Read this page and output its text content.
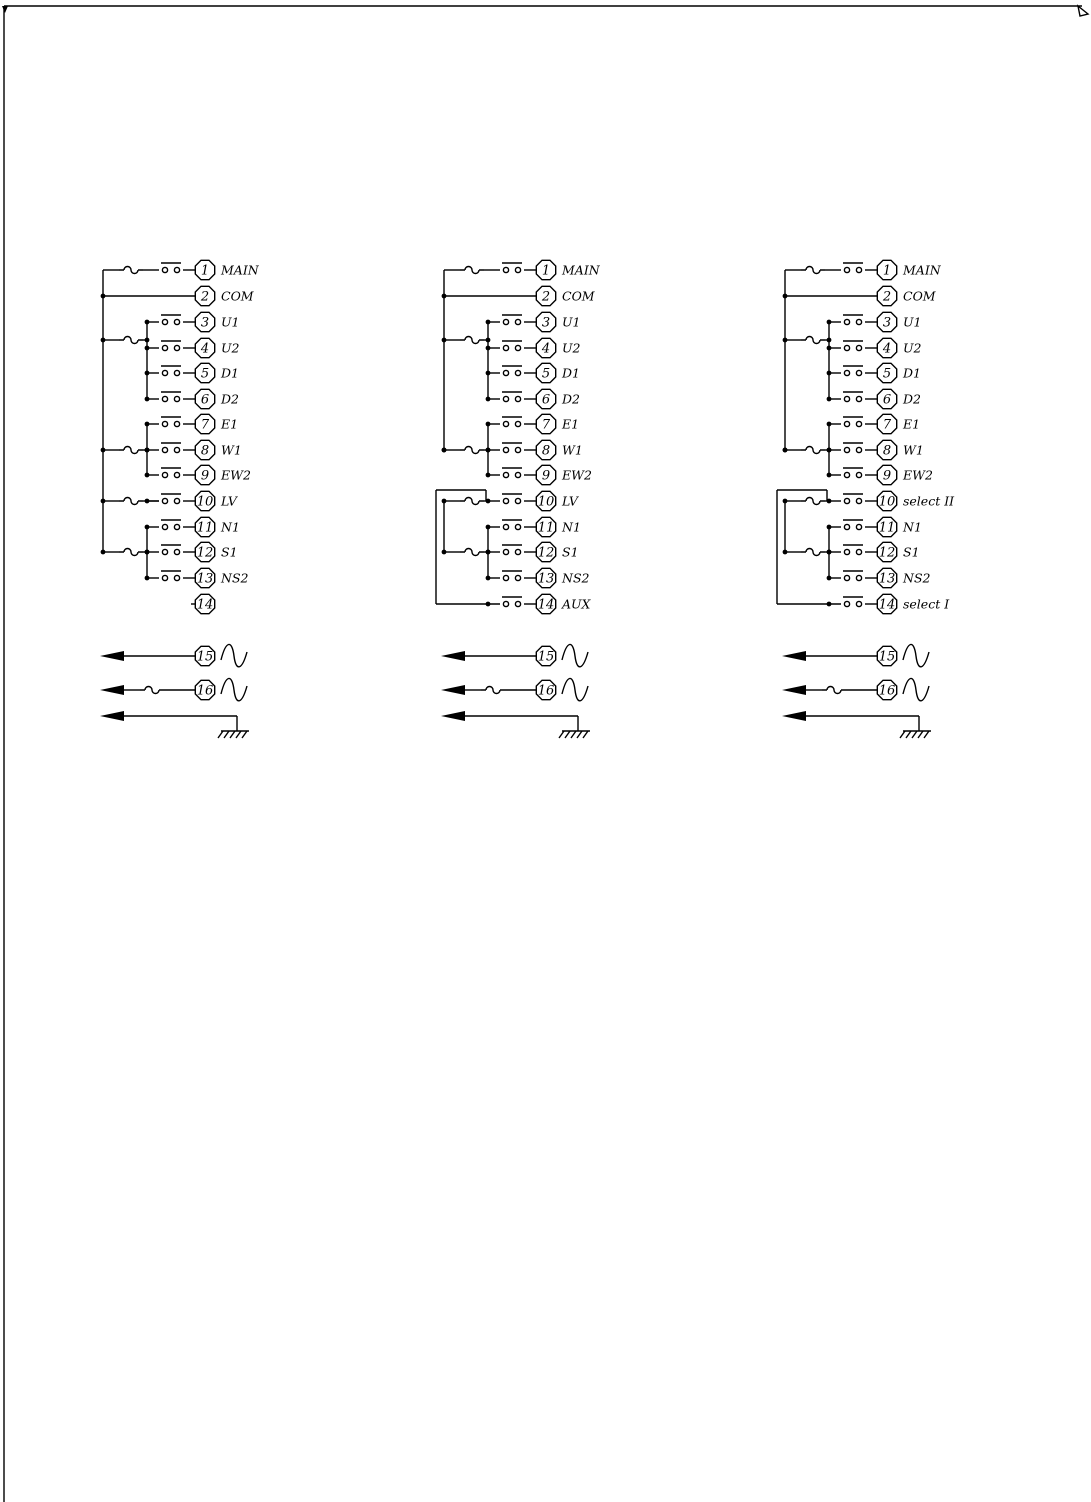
1 MAIN
2 COM
3 U1
4 U2
5 D1
6 D2
7 E1
8 W1
9 EW2
10 LV
11 N1
12 S1
13 NS2
14
15
16
1 MAIN
2 COM
3 U1
4 U2
5 D1
6 D2
7 E1
8 W1
9 EW2
10 LV
11 N1
12 S1
13 NS2
14 AUX
15
16
1 MAIN
2 COM
3 U1
4 U2
5 D1
6 D2
7 E1
8 W1
9 EW2
10 select II
11 N1
12 S1
13 NS2
14 select I
15
16
